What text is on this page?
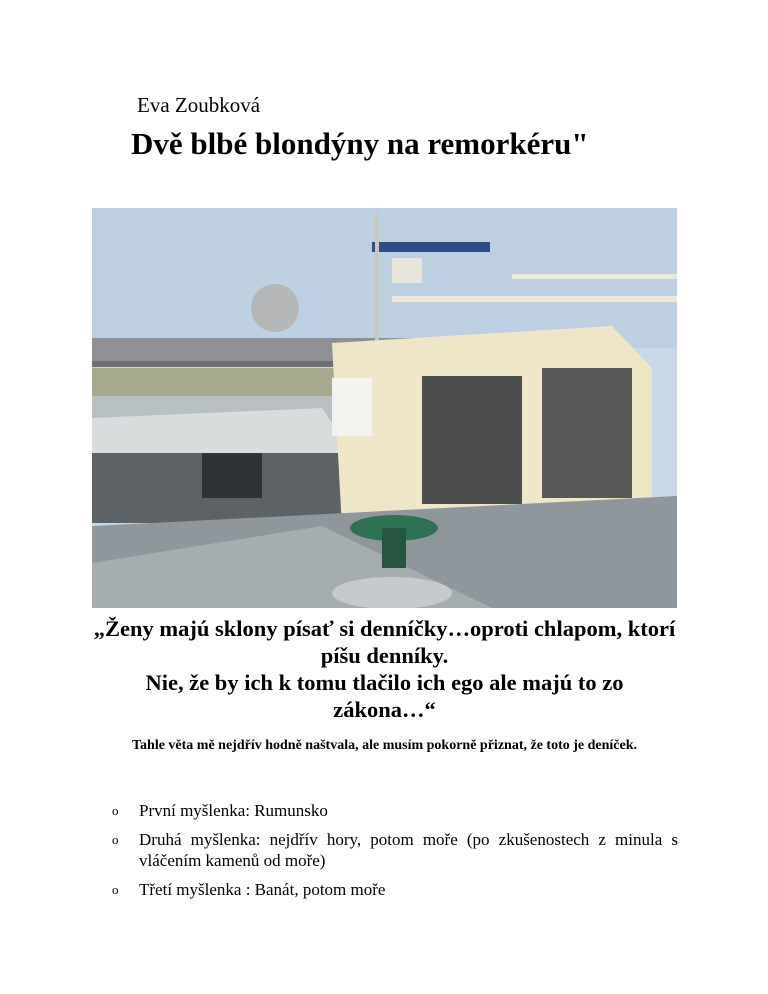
Eva Zoubková
Dvě blbé blondýny na remorkéru"

„Ženy majú sklony písať si denníčky…oproti chlapom, ktorí píšu denníky.

Nie, že by ich k tomu tlačilo ich ego ale majú to zo zákona…“

Tahle věta mě nejdřív hodně naštvala, ale musím pokorně přiznat, že toto je deníček.
o První myšlenka: Rumunsko
o Druhá myšlenka: nejdřív hory, potom moře (po zkušenostech z minula s vláčením kamenů od moře)
o Třetí myšlenka : Banát, potom moře
